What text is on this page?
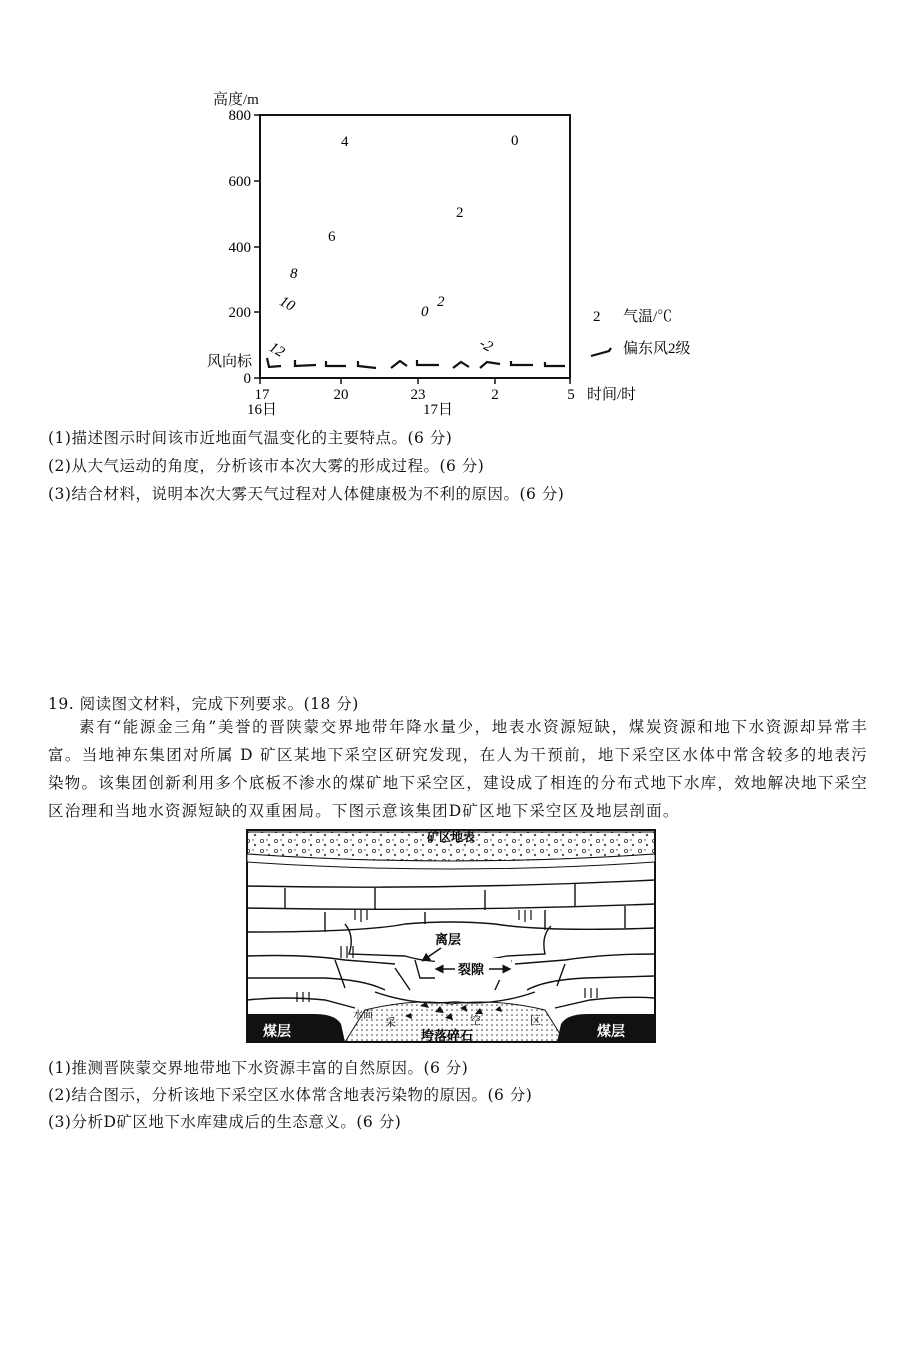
高度/m
800
600
400
200
0
17	20	23	2	5
16日	17日
时间/时
风向标
4	0
6
2
8
10	0
2
12	-2
2 气温/℃
偏东风2级
(1)描述图示时间该市近地面气温变化的主要特点。(6 分)
(2)从大气运动的角度，分析该市本次大雾的形成过程。(6 分)
(3)结合材料，说明本次大雾天气过程对人体健康极为不利的原因。(6 分)
19. 阅读图文材料，完成下列要求。(18 分)

素有“能源金三角”美誉的晋陕蒙交界地带年降水量少，地表水资源短缺，煤炭资源和地下水资源却异常丰富。当地神东集团对所属 D 矿区某地下采空区研究发现，在人为干预前，地下采空区水体中常含较多的地表污染物。该集团创新利用多个底板不渗水的煤矿地下采空区，建设成了相连的分布式地下水库，效地解决地下采空区治理和当地水资源短缺的双重困局。下图示意该集团D矿区地下采空区及地层剖面。

矿区地表
离层
裂隙
水面
采	空	区
煤层	煤层
垮落碎石
(1)推测晋陕蒙交界地带地下水资源丰富的自然原因。(6 分)
(2)结合图示，分析该地下采空区水体常含地表污染物的原因。(6 分)
(3)分析D矿区地下水库建成后的生态意义。(6 分)
